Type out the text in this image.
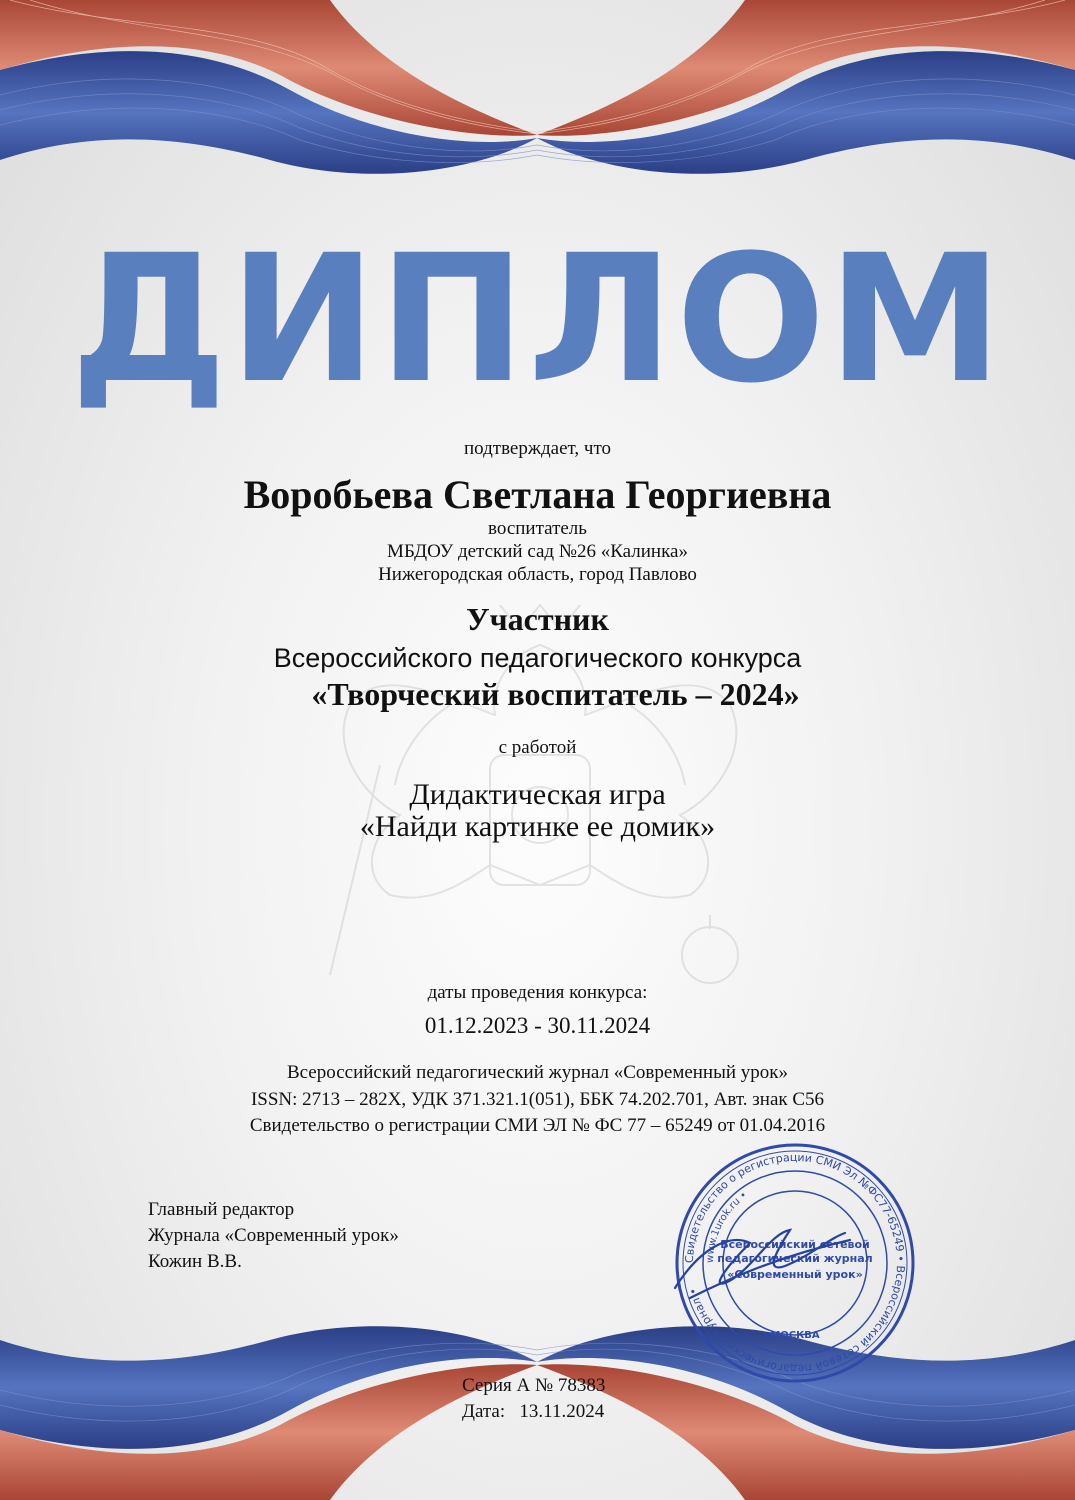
ДИПЛОМ
подтверждает, что
Воробьева Светлана Георгиевна
воспитатель
МБДОУ детский сад №26 «Калинка»
Нижегородская область, город Павлово
Участник
Всероссийского педагогического конкурса
«Творческий воспитатель – 2024»
с работой
Дидактическая игра
«Найди картинке ее домик»
даты проведения конкурса:
01.12.2023 - 30.11.2024
Всероссийский педагогический журнал «Современный урок»
ISSN: 2713 – 282X, УДК 371.321.1(051), ББК 74.202.701, Авт. знак С56
Свидетельство о регистрации СМИ ЭЛ № ФС 77 – 65249 от 01.04.2016
Главный редактор
Журнала «Современный урок»
Кожин В.В.	Свидетельство о регистрации СМИ Эл №ФС77-65249 • Всероссийский сетевой педагогический журнал •
www.1urok.ru •
Всероссийский сетевой
педагогический журнал
«Современный урок»
МОСКВА
Серия А № 78383
Дата:   13.11.2024
